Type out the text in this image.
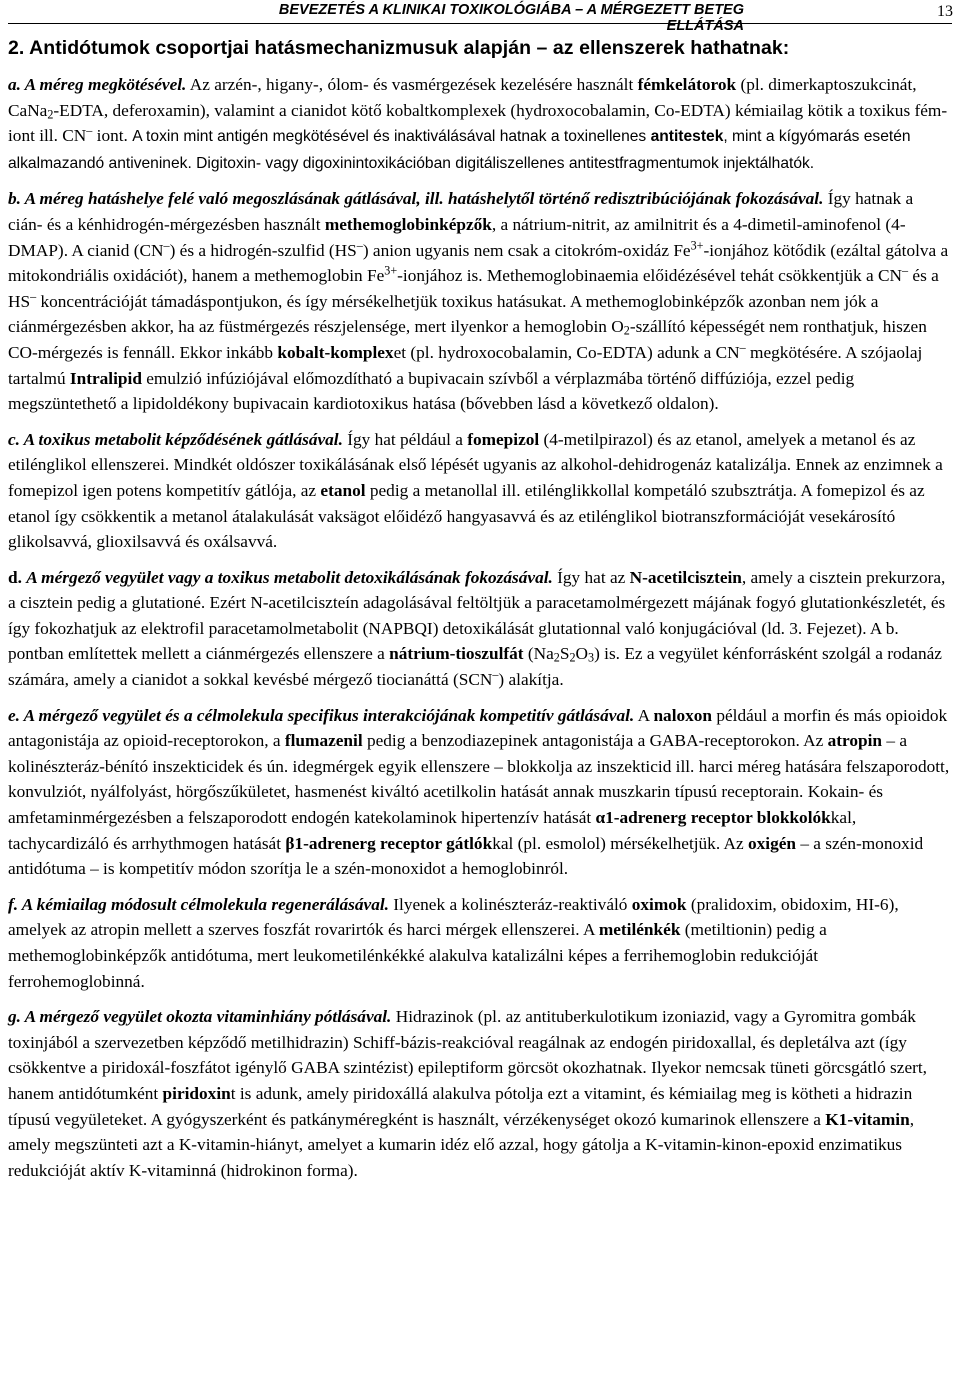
BEVEZETÉS A KLINIKAI TOXIKOLÓGIÁBA – A MÉRGEZETT BETEG ELLÁTÁSA
13
2. Antidótumok csoportjai hatásmechanizmusuk alapján – az ellenszerek hathatnak:

a. A méreg megkötésével. Az arzén-, higany-, ólom- és vasmérgezések kezelésére használt fémkelátorok (pl. dimerkaptoszukcinát, CaNa$_2$-EDTA, deferoxamin), valamint a cianidot kötő kobaltkomplexek (hydroxocobalamin, Co-EDTA) kémiailag kötik a toxikus fém-iont ill. CN– iont. A toxin mint antigén megkötésével és inaktiválásával hatnak a toxinellenes antitestek, mint a kígyómarás esetén alkalmazandó antiveninek. Digitoxin- vagy digoxinintoxikációban digitáliszellenes antitestfragmentumok injektálhatók.

b. A méreg hatáshelye felé való megoszlásának gátlásával, ill. hatáshelytől történő redisztribúciójának fokozásával. Így hatnak a cián- és a kénhidrogén-mérgezésben használt methemoglobinképzők, a nátrium-nitrit, az amilnitrit és a 4-dimetil-aminofenol (4-DMAP). A cianid (CN–) és a hidrogén-szulfid (HS–) anion ugyanis nem csak a citokróm-oxidáz $Fe^{3+}$-ionjához kötődik (ezáltal gátolva a mitokondriális oxidációt), hanem a methemoglobin $Fe^{3+}$-ionjához is. Methemoglobinaemia előidézésével tehát csökkentjük a CN– és a HS– koncentrációját támadáspontjukon, és így mérsékelhetjük toxikus hatásukat. A methemoglobinképzők azonban nem jók a ciánmérgezésben akkor, ha az füstmérgezés részjelensége, mert ilyenkor a hemoglobin $O_2$-szállító képességét nem ronthatjuk, hiszen CO-mérgezés is fennáll. Ekkor inkább kobalt-komplexet (pl. hydroxocobalamin, Co-EDTA) adunk a CN– megkötésére. A szójaolaj tartalmú Intralipid emulzió infúziójával előmozdítható a bupivacain szívből a vérplazmába történő diffúziója, ezzel pedig megszüntethető a lipidoldékony bupivacain kardiotoxikus hatása (bővebben lásd a következő oldalon).

c. A toxikus metabolit képződésének gátlásával. Így hat például a fomepizol (4-metilpirazol) és az etanol, amelyek a metanol és az etilénglikol ellenszerei. Mindkét oldószer toxikálásának első lépését ugyanis az alkohol-dehidrogenáz katalizálja. Ennek az enzimnek a fomepizol igen potens kompetitív gátlója, az etanol pedig a metanollal ill. etilénglikkollal kompetáló szubsztrátja. A fomepizol és az etanol így csökkentik a metanol átalakulását vaksägot előidéző hangyasavvá és az etilénglikol biotranszformációját vesekárosító glikolsavvá, glioxilsavvá és oxálsavvá.

d. A mérgező vegyület vagy a toxikus metabolit detoxikálásának fokozásával. Így hat az N-acetilcisztein, amely a cisztein prekurzora, a cisztein pedig a glutationé. Ezért N-acetilciszteín adagolásával feltöltjük a paracetamolmérgezett májának fogyó glutationkészletét, és így fokozhatjuk az elektrofil paracetamolmetabolit (NAPBQI) detoxikálását glutationnal való konjugációval (ld. 3. Fejezet). A b. pontban említettek mellett a ciánmérgezés ellenszere a nátrium-tioszulfát $(Na_2S_2O_3)$ is. Ez a vegyület kénforrásként szolgál a rodanáz számára, amely a cianidot a sokkal kevésbé mérgező tiocianáttá (SCN–) alakítja.

e. A mérgező vegyület és a célmolekula specifikus interakciójának kompetitív gátlásával. A naloxon például a morfin és más opioidok antagonistája az opioid-receptorokon, a flumazenil pedig a benzodiazepinek antagonistája a GABA-receptorokon. Az atropin – a kolinészteráz-bénító inszekticidek és ún. idegmérgek egyik ellenszere – blokkolja az inszekticid ill. harci méreg hatására felszaporodott, konvulziót, nyálfolyást, hörgőszűkületet, hasmenést kiváltó acetilkolin hatását annak muszkarin típusú receptorain. Kokain- és amfetaminmérgezésben a felszaporodott endogén katekolaminok hipertenzív hatását α1-adrenerg receptor blokkolókkal, tachycardizáló és arrhythmogen hatását β1-adrenerg receptor gátlókkal (pl. esmolol) mérsékelhetjük. Az oxigén – a szén-monoxid antidótuma – is kompetitív módon szorítja le a szén-monoxidot a hemoglobinról.

f. A kémiailag módosult célmolekula regenerálásával. Ilyenek a kolinészteráz-reaktiváló oximok (pralidoxim, obidoxim, HI-6), amelyek az atropin mellett a szerves foszfát rovarirtók és harci mérgek ellenszerei. A metilénkék (metiltionin) pedig a methemoglobinképzők antidótuma, mert leukometilénkékké alakulva katalizálni képes a ferrihemoglobin redukcióját ferrohemoglobinná.

g. A mérgező vegyület okozta vitaminhiány pótlásával. Hidrazinok (pl. az antituberkulotikum izoniazid, vagy a Gyromitra gombák toxinjából a szervezetben képződő metilhidrazin) Schiff-bázis-reakcióval reagálnak az endogén piridoxallal, és depletálva azt (így csökkentve a piridoxál-foszfátot igénylő GABA szintézist) epileptiform görcsöt okozhatnak. Ilyekor nemcsak tüneti görcsgátló szert, hanem antidótumként piridoxint is adunk, amely piridoxállá alakulva pótolja ezt a vitamint, és kémiailag meg is kötheti a hidrazin típusú vegyületeket. A gyógyszerként és patkányméregként is használt, vérzékenységet okozó kumarinok ellenszere a K1-vitamin, amely megszünteti azt a K-vitamin-hiányt, amelyet a kumarin idéz elő azzal, hogy gátolja a K-vitamin-kinon-epoxid enzimatikus redukcióját aktív K-vitaminná (hidrokinon forma).
